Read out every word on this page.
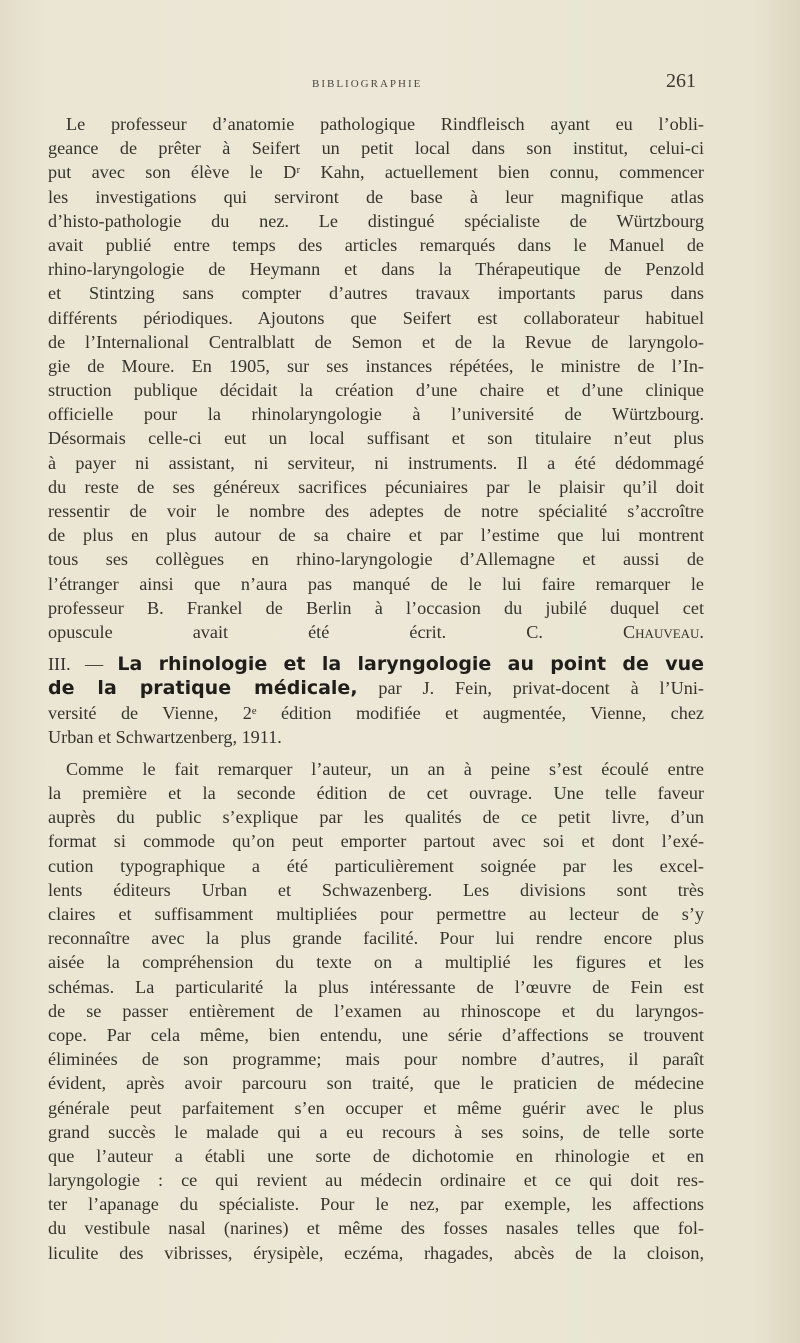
BIBLIOGRAPHIE	261
Le professeur d’anatomie pathologique Rindfleisch ayant eu l’obli-
geance de prêter à Seifert un petit local dans son institut, celui-ci
put avec son élève le Dʳ Kahn, actuellement bien connu, commencer
les investigations qui serviront de base à leur magnifique atlas
d’histo-pathologie du nez. Le distingué spécialiste de Würtzbourg
avait publié entre temps des articles remarqués dans le Manuel de
rhino-laryngologie de Heymann et dans la Thérapeutique de Penzold
et Stintzing sans compter d’autres travaux importants parus dans
différents périodiques. Ajoutons que Seifert est collaborateur habituel
de l’Internalional Centralblatt de Semon et de la Revue de laryngolo-
gie de Moure. En 1905, sur ses instances répétées, le ministre de l’In-
struction publique décidait la création d’une chaire et d’une clinique
officielle pour la rhinolaryngologie à l’université de Würtzbourg.
Désormais celle-ci eut un local suffisant et son titulaire n’eut plus
à payer ni assistant, ni serviteur, ni instruments. Il a été dédommagé
du reste de ses généreux sacrifices pécuniaires par le plaisir qu’il doit
ressentir de voir le nombre des adeptes de notre spécialité s’accroître
de plus en plus autour de sa chaire et par l’estime que lui montrent
tous ses collègues en rhino-laryngologie d’Allemagne et aussi de
l’étranger ainsi que n’aura pas manqué de le lui faire remarquer le
professeur B. Frankel de Berlin à l’occasion du jubilé duquel cet
opuscule avait été écrit.	C. Chauveau.
III. — La rhinologie et la laryngologie au point de vue
de la pratique médicale, par J. Fein, privat-docent à l’Uni-
versité de Vienne, 2ᵉ édition modifiée et augmentée, Vienne, chez
Urban et Schwartzenberg, 1911.
Comme le fait remarquer l’auteur, un an à peine s’est écoulé entre
la première et la seconde édition de cet ouvrage. Une telle faveur
auprès du public s’explique par les qualités de ce petit livre, d’un
format si commode qu’on peut emporter partout avec soi et dont l’exé-
cution typographique a été particulièrement soignée par les excel-
lents éditeurs Urban et Schwazenberg. Les divisions sont très
claires et suffisamment multipliées pour permettre au lecteur de s’y
reconnaître avec la plus grande facilité. Pour lui rendre encore plus
aisée la compréhension du texte on a multiplié les figures et les
schémas. La particularité la plus intéressante de l’œuvre de Fein est
de se passer entièrement de l’examen au rhinoscope et du laryngos-
cope. Par cela même, bien entendu, une série d’affections se trouvent
éliminées de son programme; mais pour nombre d’autres, il paraît
évident, après avoir parcouru son traité, que le praticien de médecine
générale peut parfaitement s’en occuper et même guérir avec le plus
grand succès le malade qui a eu recours à ses soins, de telle sorte
que l’auteur a établi une sorte de dichotomie en rhinologie et en
laryngologie : ce qui revient au médecin ordinaire et ce qui doit res-
ter l’apanage du spécialiste. Pour le nez, par exemple, les affections
du vestibule nasal (narines) et même des fosses nasales telles que fol-
liculite des vibrisses, érysipèle, eczéma, rhagades, abcès de la cloison,
